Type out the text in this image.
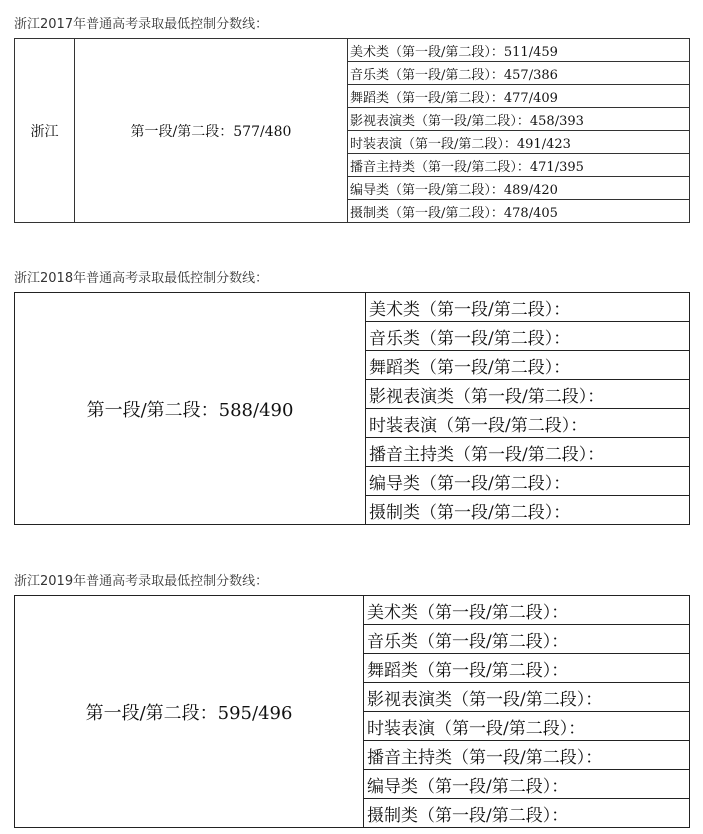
浙江2017年普通高考录取最低控制分数线：
浙江	第一段/第二段：577/480	美术类（第一段/第二段）：511/459
音乐类（第一段/第二段）：457/386
舞蹈类（第一段/第二段）：477/409
影视表演类（第一段/第二段）：458/393
时装表演（第一段/第二段）：491/423
播音主持类（第一段/第二段）：471/395
编导类（第一段/第二段）：489/420
摄制类（第一段/第二段）：478/405
浙江2018年普通高考录取最低控制分数线：
第一段/第二段：588/490	美术类（第一段/第二段）：
音乐类（第一段/第二段）：
舞蹈类（第一段/第二段）：
影视表演类（第一段/第二段）：
时装表演（第一段/第二段）：
播音主持类（第一段/第二段）：
编导类（第一段/第二段）：
摄制类（第一段/第二段）：
浙江2019年普通高考录取最低控制分数线：
第一段/第二段：595/496	美术类（第一段/第二段）：
音乐类（第一段/第二段）：
舞蹈类（第一段/第二段）：
影视表演类（第一段/第二段）：
时装表演（第一段/第二段）：
播音主持类（第一段/第二段）：
编导类（第一段/第二段）：
摄制类（第一段/第二段）：
